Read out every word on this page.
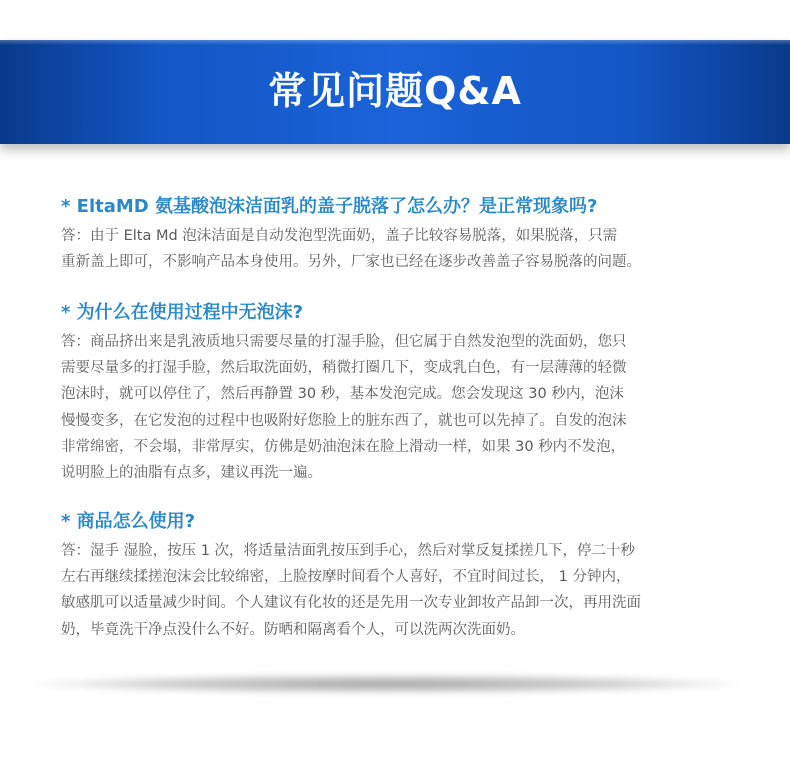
常见问题Q&A
* EltaMD 氨基酸泡沫洁面乳的盖子脱落了怎么办？是正常现象吗?
答：由于 Elta Md 泡沫洁面是自动发泡型洗面奶，盖子比较容易脱落，如果脱落，只需
重新盖上即可，不影响产品本身使用。另外，厂家也已经在逐步改善盖子容易脱落的问题。
* 为什么在使用过程中无泡沫?
答：商品挤出来是乳液质地只需要尽量的打湿手脸，但它属于自然发泡型的洗面奶，您只
需要尽量多的打湿手脸，然后取洗面奶，稍微打圈几下，变成乳白色，有一层薄薄的轻微
泡沫时，就可以停住了，然后再静置 30 秒，基本发泡完成。您会发现这 30 秒内，泡沫
慢慢变多，在它发泡的过程中也吸附好您脸上的脏东西了，就也可以先掉了。自发的泡沫
非常绵密，不会塌，非常厚实，仿佛是奶油泡沫在脸上滑动一样，如果 30 秒内不发泡，
说明脸上的油脂有点多，建议再洗一遍。
* 商品怎么使用?
答：湿手 湿脸，按压 1 次，将适量洁面乳按压到手心，然后对掌反复揉搓几下，停二十秒
左右再继续揉搓泡沫会比较绵密，上脸按摩时间看个人喜好，不宜时间过长， 1 分钟内，
敏感肌可以适量减少时间。个人建议有化妆的还是先用一次专业卸妆产品卸一次，再用洗面
奶，毕竟洗干净点没什么不好。防晒和隔离看个人，可以洗两次洗面奶。
